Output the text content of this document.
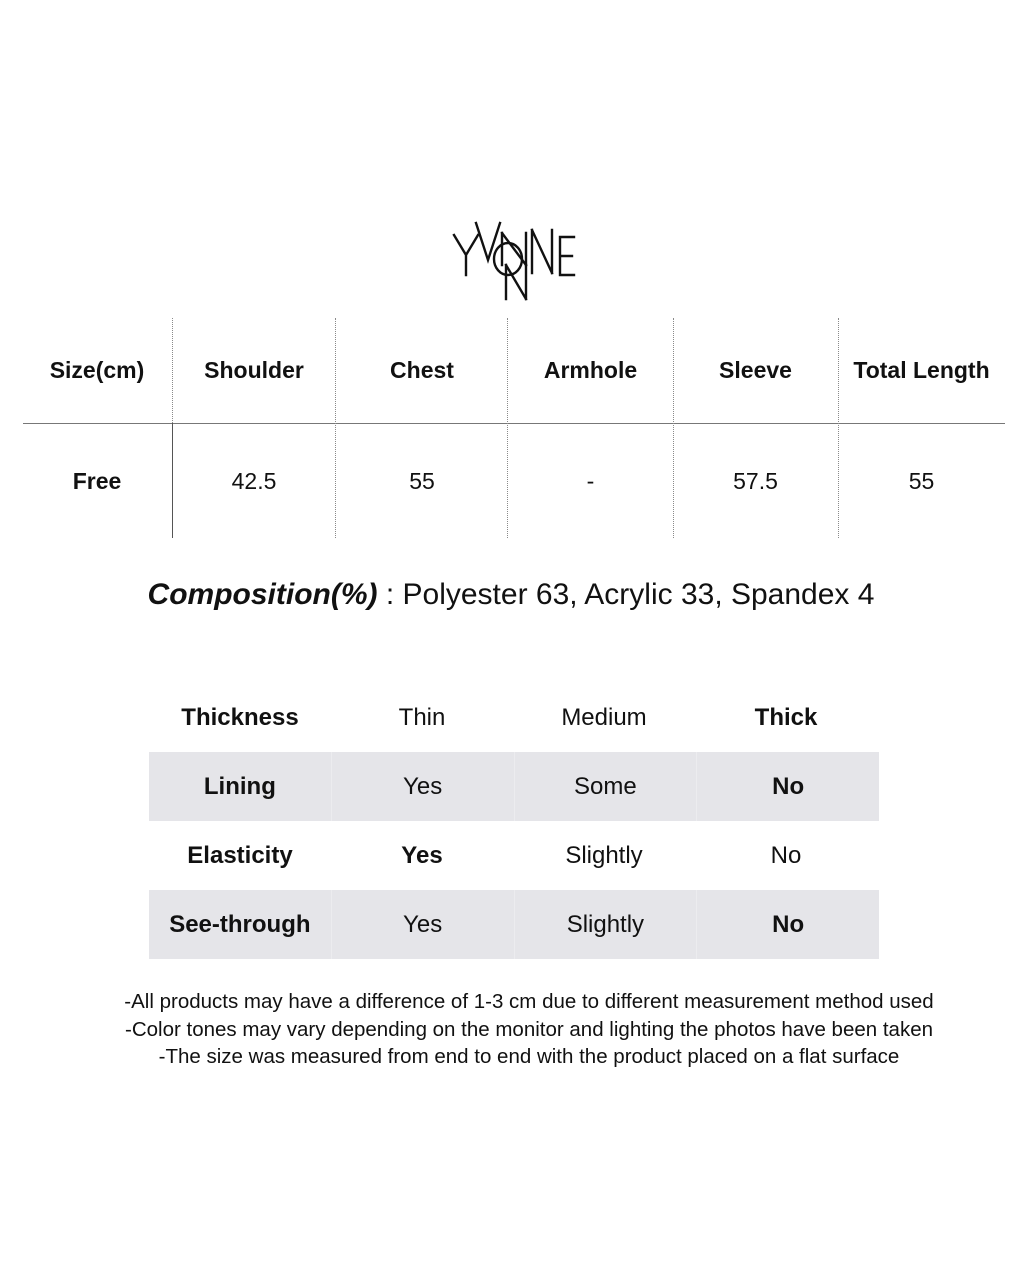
Size(cm)	Shoulder	Chest	Armhole	Sleeve	Total Length
Free	42.5	55	-	57.5	55
Composition(%) : Polyester 63, Acrylic 33, Spandex 4
Thickness	Thin	Medium	Thick
Lining	Yes	Some	No
Elasticity	Yes	Slightly	No
See-through	Yes	Slightly	No
-All products may have a difference of 1-3 cm due to different measurement method used
-Color tones may vary depending on the monitor and lighting the photos have been taken
-The size was measured from end to end with the product placed on a flat surface
